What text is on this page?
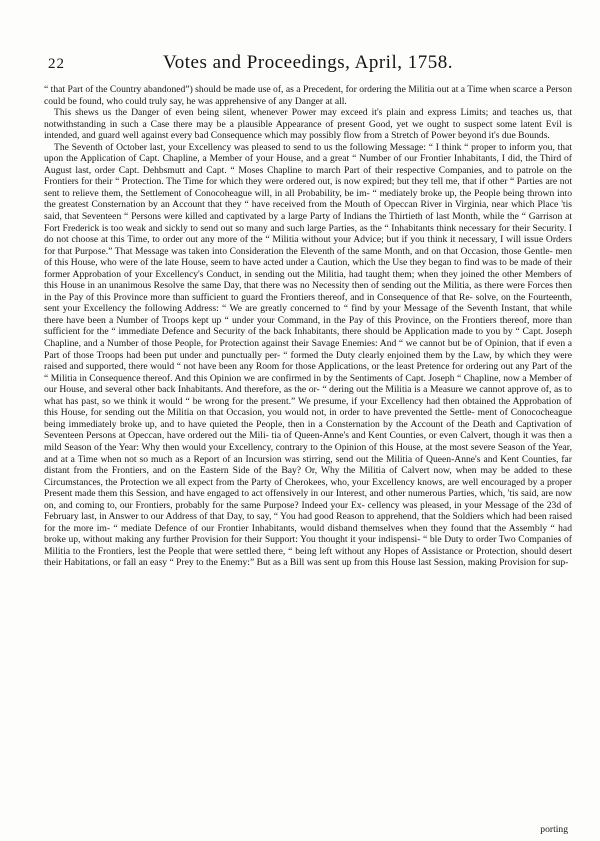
22	Votes and Proceedings, April, 1758.

“ that Part of the Country abandoned”) should be made use of, as a Precedent, for ordering the Militia out at a Time when scarce a Person could be found, who could truly say, he was apprehensive of any Danger at all.

This shews us the Danger of even being silent, whenever Power may exceed it's plain and express Limits; and teaches us, that notwithstanding in such a Case there may be a plausible Appearance of present Good, yet we ought to suspect some latent Evil is intended, and guard well against every bad Consequence which may possibly flow from a Stretch of Power beyond it's due Bounds.

The Seventh of October last, your Excellency was pleased to send to us the following Message: “ I think “ proper to inform you, that upon the Application of Capt. Chapline, a Member of your House, and a great “ Number of our Frontier Inhabitants, I did, the Third of August last, order Capt. Dehbsmutt and Capt. “ Moses Chapline to march Part of their respective Companies, and to patrole on the Frontiers for their “ Protection. The Time for which they were ordered out, is now expired; but they tell me, that if other “ Parties are not sent to relieve them, the Settlement of Conocoheague will, in all Probability, be im- “ mediately broke up, the People being thrown into the greatest Consternation by an Account that they “ have received from the Mouth of Opeccan River in Virginia, near which Place 'tis said, that Seventeen “ Persons were killed and captivated by a large Party of Indians the Thirtieth of last Month, while the “ Garrison at Fort Frederick is too weak and sickly to send out so many and such large Parties, as the “ Inhabitants think necessary for their Security. I do not choose at this Time, to order out any more of the “ Militia without your Advice; but if you think it necessary, I will issue Orders for that Purpose.” That Message was taken into Consideration the Eleventh of the same Month, and on that Occasion, those Gentle- men of this House, who were of the late House, seem to have acted under a Caution, which the Use they began to find was to be made of their former Approbation of your Excellency's Conduct, in sending out the Militia, had taught them; when they joined the other Members of this House in an unanimous Resolve the same Day, that there was no Necessity then of sending out the Militia, as there were Forces then in the Pay of this Province more than sufficient to guard the Frontiers thereof, and in Consequence of that Re- solve, on the Fourteenth, sent your Excellency the following Address: “ We are greatly concerned to “ find by your Message of the Seventh Instant, that while there have been a Number of Troops kept up “ under your Command, in the Pay of this Province, on the Frontiers thereof, more than sufficient for the “ immediate Defence and Security of the back Inhabitants, there should be Application made to you by “ Capt. Joseph Chapline, and a Number of those People, for Protection against their Savage Enemies: And “ we cannot but be of Opinion, that if even a Part of those Troops had been put under and punctually per- “ formed the Duty clearly enjoined them by the Law, by which they were raised and supported, there would “ not have been any Room for those Applications, or the least Pretence for ordering out any Part of the “ Militia in Consequence thereof. And this Opinion we are confirmed in by the Sentiments of Capt. Joseph “ Chapline, now a Member of our House, and several other back Inhabitants. And therefore, as the or- “ dering out the Militia is a Measure we cannot approve of, as to what has past, so we think it would “ be wrong for the present.” We presume, if your Excellency had then obtained the Approbation of this House, for sending out the Militia on that Occasion, you would not, in order to have prevented the Settle- ment of Conococheague being immediately broke up, and to have quieted the People, then in a Consternation by the Account of the Death and Captivation of Seventeen Persons at Opeccan, have ordered out the Mili- tia of Queen-Anne's and Kent Counties, or even Calvert, though it was then a mild Season of the Year: Why then would your Excellency, contrary to the Opinion of this House, at the most severe Season of the Year, and at a Time when not so much as a Report of an Incursion was stirring, send out the Militia of Queen-Anne's and Kent Counties, far distant from the Frontiers, and on the Eastern Side of the Bay? Or, Why the Militia of Calvert now, when may be added to these Circumstances, the Protection we all expect from the Party of Cherokees, who, your Excellency knows, are well encouraged by a proper Present made them this Session, and have engaged to act offensively in our Interest, and other numerous Parties, which, 'tis said, are now on, and coming to, our Frontiers, probably for the same Purpose? Indeed your Ex- cellency was pleased, in your Message of the 23d of February last, in Answer to our Address of that Day, to say, “ You had good Reason to apprehend, that the Soldiers which had been raised for the more im- “ mediate Defence of our Frontier Inhabitants, would disband themselves when they found that the Assembly “ had broke up, without making any further Provision for their Support: You thought it your indispensi- “ ble Duty to order Two Companies of Militia to the Frontiers, lest the People that were settled there, “ being left without any Hopes of Assistance or Protection, should desert their Habitations, or fall an easy “ Prey to the Enemy:” But as a Bill was sent up from this House last Session, making Provision for sup-

porting
